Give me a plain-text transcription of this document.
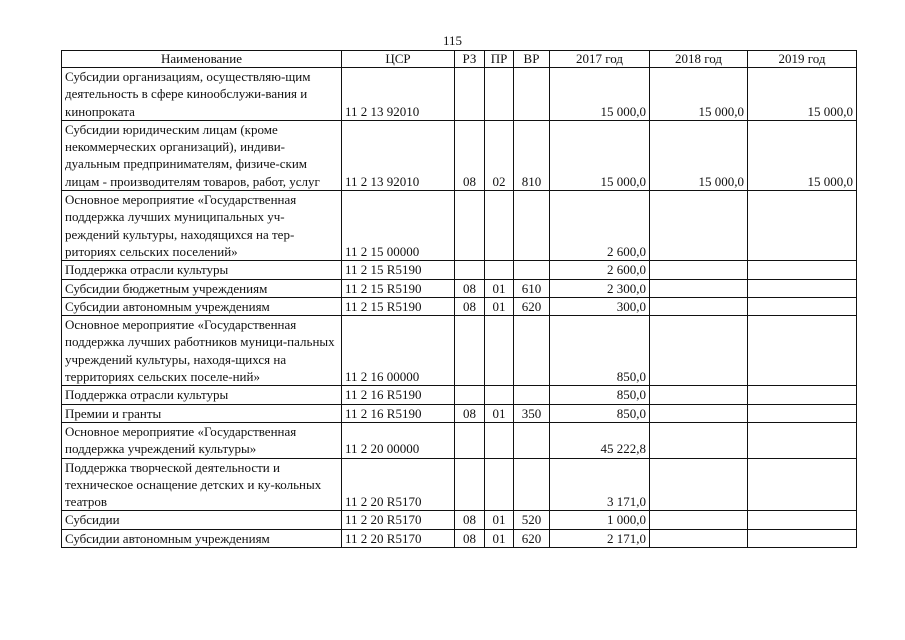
115
Наименование	ЦСР	РЗ	ПР	ВР	2017 год	2018 год	2019 год
Субсидии организациям, осуществляю-щим деятельность в сфере кинообслужи-вания и кинопроката	11 2 13 92010				15 000,0	15 000,0	15 000,0
Субсидии юридическим лицам (кроме некоммерческих организаций), индиви-дуальным предпринимателям, физиче-ским лицам - производителям товаров, работ, услуг	11 2 13 92010	08	02	810	15 000,0	15 000,0	15 000,0
Основное мероприятие «Государственная поддержка лучших муниципальных уч-реждений культуры, находящихся на тер-риториях сельских поселений»	11 2 15 00000				2 600,0		
Поддержка отрасли культуры	11 2 15 R5190				2 600,0		
Субсидии бюджетным учреждениям	11 2 15 R5190	08	01	610	2 300,0		
Субсидии автономным учреждениям	11 2 15 R5190	08	01	620	300,0		
Основное мероприятие «Государственная поддержка лучших работников муници-пальных учреждений культуры, находя-щихся на территориях сельских поселе-ний»	11 2 16 00000				850,0		
Поддержка отрасли культуры	11 2 16 R5190				850,0		
Премии и гранты	11 2 16 R5190	08	01	350	850,0		
Основное мероприятие «Государственная поддержка учреждений культуры»	11 2 20 00000				45 222,8		
Поддержка творческой деятельности и техническое оснащение детских и ку-кольных театров	11 2 20 R5170				3 171,0		
Субсидии	11 2 20 R5170	08	01	520	1 000,0		
Субсидии автономным учреждениям	11 2 20 R5170	08	01	620	2 171,0		
